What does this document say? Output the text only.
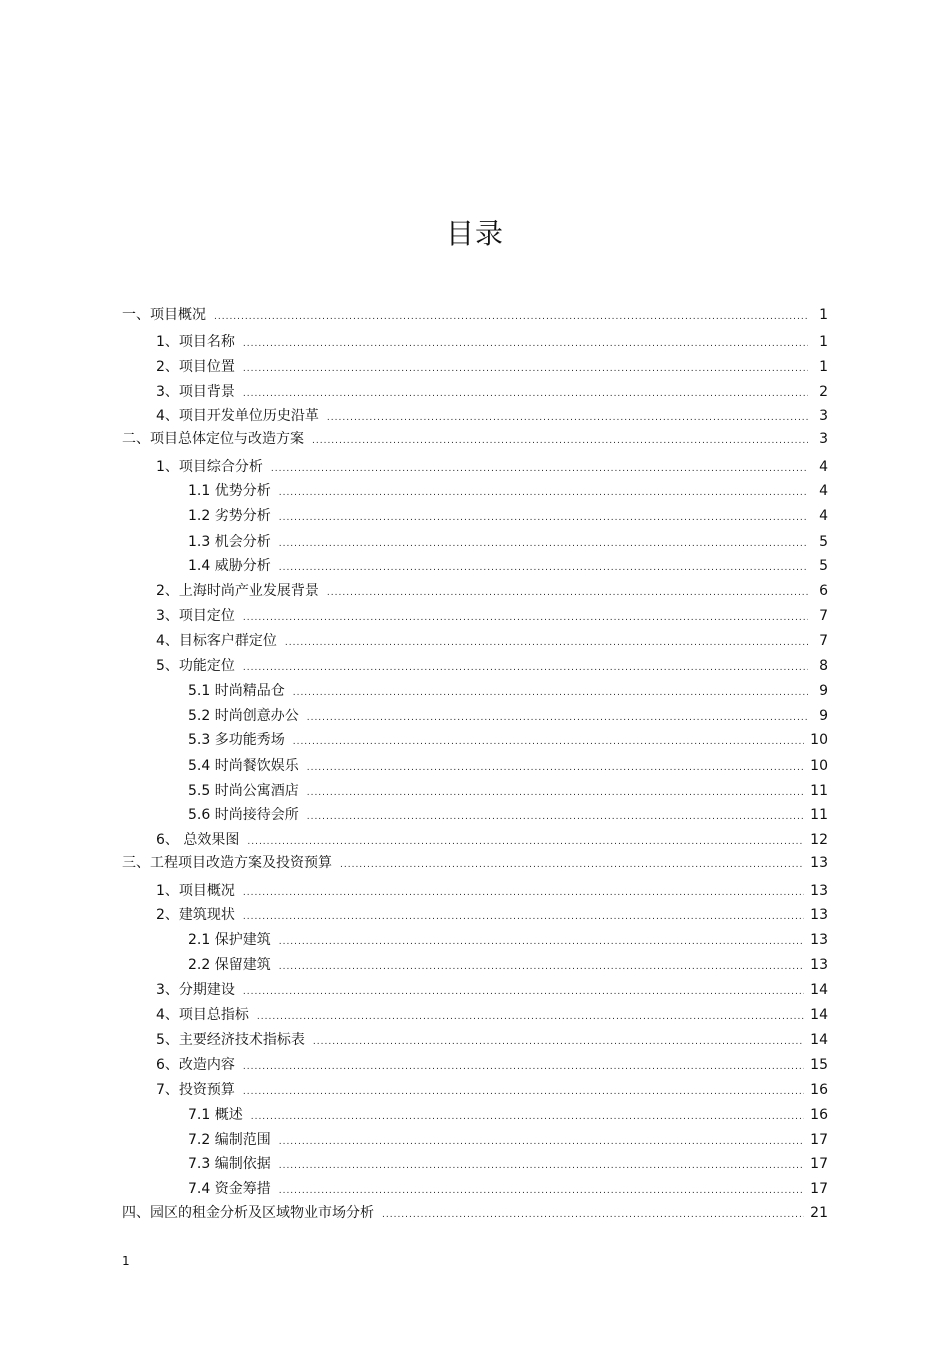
目录
一、项目概况 .....	1
1、项目名称 .....	1
2、项目位置 .....	1
3、项目背景 .....	2
4、项目开发单位历史沿革 .....	3
二、项目总体定位与改造方案 .....	3
1、项目综合分析 .....	4
1.1 优势分析 .....	4
1.2 劣势分析 .....	4
1.3 机会分析 .....	5
1.4 威胁分析 .....	5
2、上海时尚产业发展背景 .....	6
3、项目定位 .....	7
4、目标客户群定位 .....	7
5、功能定位 .....	8
5.1 时尚精品仓 .....	9
5.2 时尚创意办公 .....	9
5.3 多功能秀场 .....	10
5.4 时尚餐饮娱乐 .....	10
5.5 时尚公寓酒店 .....	11
5.6 时尚接待会所 .....	11
6、 总效果图 .....	12
三、工程项目改造方案及投资预算 .....	13
1、项目概况 .....	13
2、建筑现状 .....	13
2.1 保护建筑 .....	13
2.2 保留建筑 .....	13
3、分期建设 .....	14
4、项目总指标 .....	14
5、主要经济技术指标表 .....	14
6、改造内容 .....	15
7、投资预算 .....	16
7.1 概述 .....	16
7.2 编制范围 .....	17
7.3 编制依据 .....	17
7.4 资金筹措 .....	17
四、园区的租金分析及区域物业市场分析 .....	21
1
